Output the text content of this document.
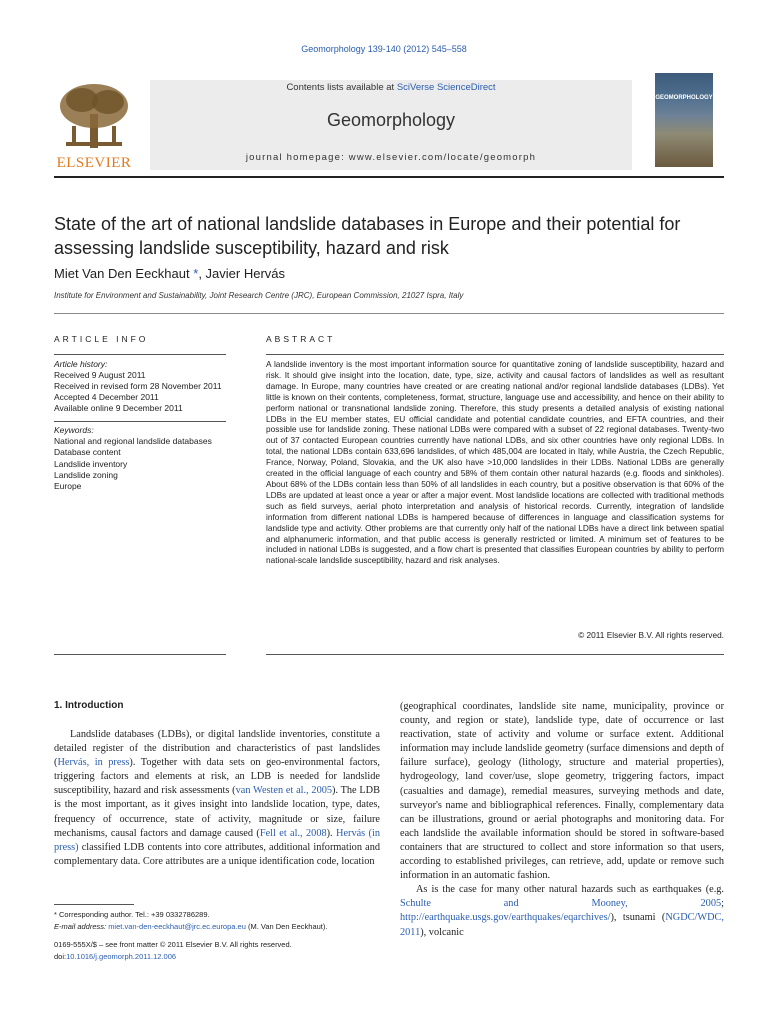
Geomorphology 139-140 (2012) 545–558
ELSEVIER
Contents lists available at SciVerse ScienceDirect
Geomorphology
journal homepage: www.elsevier.com/locate/geomorph
GEOMORPHOLOGY
State of the art of national landslide databases in Europe and their potential for assessing landslide susceptibility, hazard and risk
Miet Van Den Eeckhaut *, Javier Hervás
Institute for Environment and Sustainability, Joint Research Centre (JRC), European Commission, 21027 Ispra, Italy
ARTICLE INFO	ABSTRACT
Article history:
Received 9 August 2011
Received in revised form 28 November 2011
Accepted 4 December 2011
Available online 9 December 2011
Keywords:
National and regional landslide databases
Database content
Landslide inventory
Landslide zoning
Europe
A landslide inventory is the most important information source for quantitative zoning of landslide susceptibility, hazard and risk. It should give insight into the location, date, type, size, activity and causal factors of landslides as well as resultant damage. In Europe, many countries have created or are creating national and/or regional landslide databases (LDBs). Yet little is known on their contents, completeness, format, structure, language use and accessibility, and hence on their ability to perform national or transnational landslide zoning. Therefore, this study presents a detailed analysis of existing national LDBs in the EU member states, EU official candidate and potential candidate countries, and EFTA countries, and their possible use for landslide zoning. These national LDBs were compared with a subset of 22 regional databases. Twenty-two out of 37 contacted European countries currently have national LDBs, and six other countries have only regional LDBs. In total, the national LDBs contain 633,696 landslides, of which 485,004 are located in Italy, while Austria, the Czech Republic, France, Norway, Poland, Slovakia, and the UK also have >10,000 landslides in their LDBs. National LDBs are generally created in the official language of each country and 58% of them contain other natural hazards (e.g. floods and sinkholes). About 68% of the LDBs contain less than 50% of all landslides in each country, but a positive observation is that 60% of the LDBs are updated at least once a year or after a major event. Most landslide locations are collected with traditional methods such as field surveys, aerial photo interpretation and analysis of historical records. Currently, integration of landslide information from different national LDBs is hampered because of differences in language and classification systems for landslide type and activity. Other problems are that currently only half of the national LDBs have a direct link between spatial and alphanumeric information, and that public access is generally restricted or limited. A minimum set of features to be included in national LDBs is suggested, and a flow chart is presented that classifies European countries by ability to perform national-scale landslide susceptibility, hazard and risk analyses.
© 2011 Elsevier B.V. All rights reserved.
1. Introduction
Landslide databases (LDBs), or digital landslide inventories, constitute a detailed register of the distribution and characteristics of past landslides (Hervás, in press). Together with data sets on geo-environmental factors, triggering factors and elements at risk, an LDB is needed for landslide susceptibility, hazard and risk assessments (van Westen et al., 2005). The LDB is the most important, as it gives insight into landslide location, type, dates, frequency of occurrence, state of activity, magnitude or size, failure mechanisms, causal factors and damage caused (Fell et al., 2008). Hervás (in press) classified LDB contents into core attributes, additional information and complementary data. Core attributes are a unique identification code, location

(geographical coordinates, landslide site name, municipality, province or county, and region or state), landslide type, date of occurrence or last reactivation, state of activity and volume or surface extent. Additional information may include landslide geometry (surface dimensions and depth of failure surface), geology (lithology, structure and material properties), hydrogeology, land cover/use, slope geometry, triggering factors, impact (casualties and damage), remedial measures, surveying methods and date, surveyor's name and bibliographical references. Finally, complementary data can be illustrations, ground or aerial photographs and monitoring data. For each landslide the available information should be stored in software-based containers that are structured to collect and store information so that users, according to established privileges, can retrieve, add, update or remove such information in an automatic fashion.

As is the case for many other natural hazards such as earthquakes (e.g. Schulte and Mooney, 2005; http://earthquake.usgs.gov/earthquakes/eqarchives/), tsunami (NGDC/WDC, 2011), volcanic

* Corresponding author. Tel.: +39 0332786289.
E-mail address: miet.van-den-eeckhaut@jrc.ec.europa.eu (M. Van Den Eeckhaut).
0169-555X/$ – see front matter © 2011 Elsevier B.V. All rights reserved.
doi:10.1016/j.geomorph.2011.12.006
